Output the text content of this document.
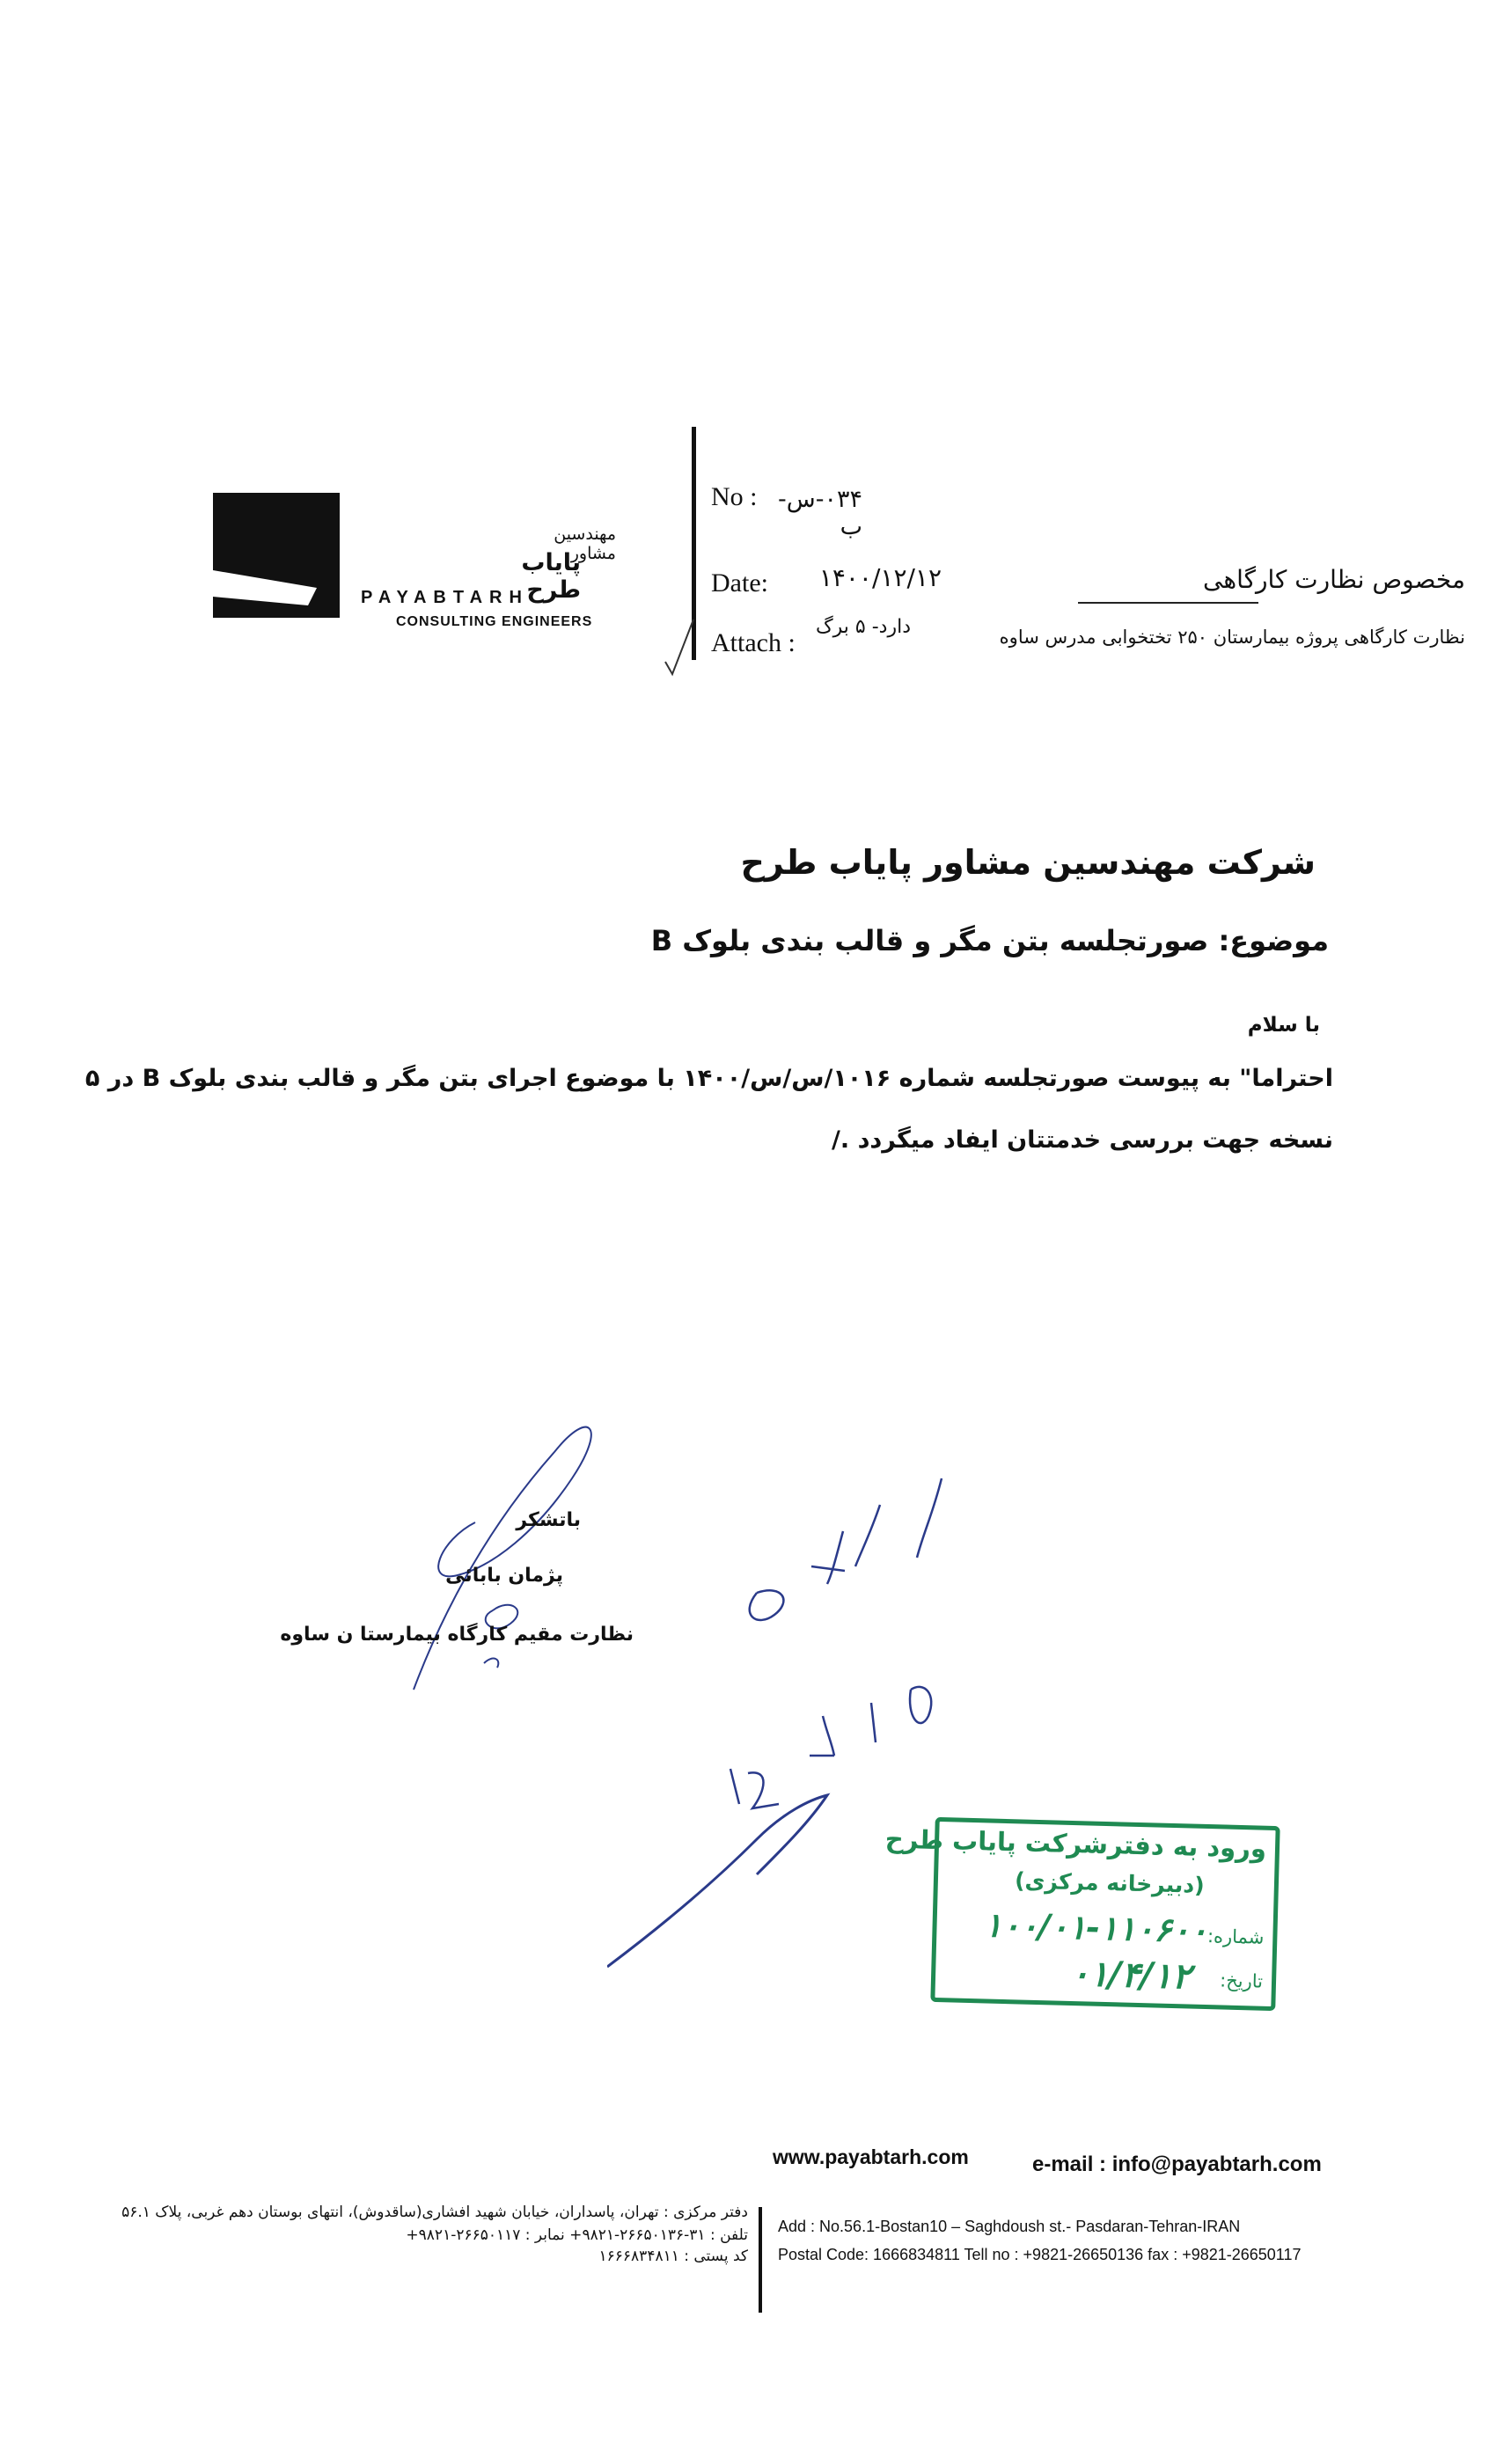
مهندسین مشاور
پایاب طرح
PAYABTARH
CONSULTING ENGINEERS
No : ۰۳۴-س-ب
Date:	۱۴۰۰/۱۲/۱۲
Attach :
دارد- ۵ برگ
مخصوص نظارت کارگاهی
نظارت کارگاهی پروژه بیمارستان ۲۵۰ تختخوابی مدرس ساوه
شرکت مهندسین مشاور پایاب طرح
موضوع: صورتجلسه بتن مگر و قالب بندی بلوک B
با سلام
احتراما" به پیوست صورتجلسه شماره ۱۰۱۶/س/س/۱۴۰۰ با موضوع اجرای بتن مگر و قالب بندی بلوک B در ۵
نسخه جهت بررسی خدمتتان ایفاد میگردد ./
باتشکر
پژمان بابائی
نظارت مقیم کارگاه بیمارستا ن ساوه
ورود به دفترشرکت پایاب طرح
(دبیرخانه مرکزی)
شماره:
۱۰۰/۰۱-۱۱۰۶۰۰
تاریخ:
۰۱/۴/۱۲
www.payabtarh.com	e-mail : info@payabtarh.com
دفتر مرکزی : تهران، پاسداران، خیابان شهید افشاری(ساقدوش)، انتهای بوستان دهم غربی، پلاک ۵۶.۱
تلفن : ۳۱-۲۶۶۵۰۱۳۶-۹۸۲۱+ نمابر : ۲۶۶۵۰۱۱۷-۹۸۲۱+
کد پستی : ۱۶۶۶۸۳۴۸۱۱
Add : No.56.1-Bostan10 – Saghdoush st.- Pasdaran-Tehran-IRAN
Postal Code: 1666834811 Tell no : +9821-26650136 fax : +9821-26650117
